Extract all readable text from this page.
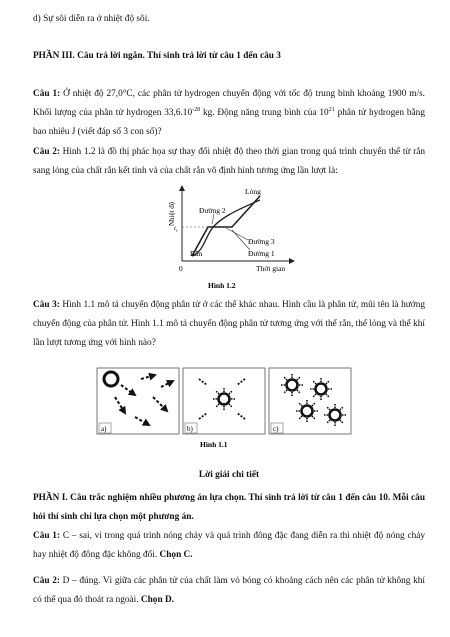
d) Sự sôi diễn ra ở nhiệt độ sôi.

PHẦN III. Câu trả lời ngắn. Thí sinh trả lời từ câu 1 đến câu 3

Câu 1: Ở nhiệt độ 27,0°C, các phân tử hydrogen chuyển động với tốc độ trung bình khoảng 1900 m/s. Khối lượng của phân tử hydrogen $33,6.10^{-28}$ kg. Động năng trung bình của $10^{21}$ phân tử hydrogen bằng bao nhiêu J (viết đáp số 3 con số)?

Câu 2: Hình 1.2 là đồ thị phác họa sự thay đổi nhiệt độ theo thời gian trong quá trình chuyển thể từ rắn sang lỏng của chất rắn kết tinh và của chất rắn vô định hình tương ứng lần lượt là:

Nhiệt độ
$t_c$
Lỏng
Đường 2
Đường 3
Đường 1
Rắn
0	Thời gian
Hình 1.2

Câu 3: Hình 1.1 mô tả chuyển động phân tử ở các thể khác nhau. Hình cầu là phân tử, mũi tên là hướng chuyển động của phân tử. Hình 1.1 mô tả chuyển động phân tử tương ứng với thể rắn, thể lỏng và thể khí lần lượt tương ứng với hình nào?

a)	b)	c)
Hình 1.1

Lời giải chi tiết

PHẦN I. Câu trắc nghiệm nhiều phương án lựa chọn. Thí sinh trả lời từ câu 1 đến câu 10. Mỗi câu hỏi thí sinh chỉ lựa chọn một phương án.

Câu 1: C – sai, vì trong quá trình nóng chảy và quá trình đông đặc đang diễn ra thì nhiệt độ nóng chảy hay nhiệt độ đông đặc không đổi. Chọn C.

Câu 2: D – đúng. Vì giữa các phân tử của chất làm vỏ bóng có khoảng cách nên các phân tử không khí có thể qua đó thoát ra ngoài. Chọn D.
